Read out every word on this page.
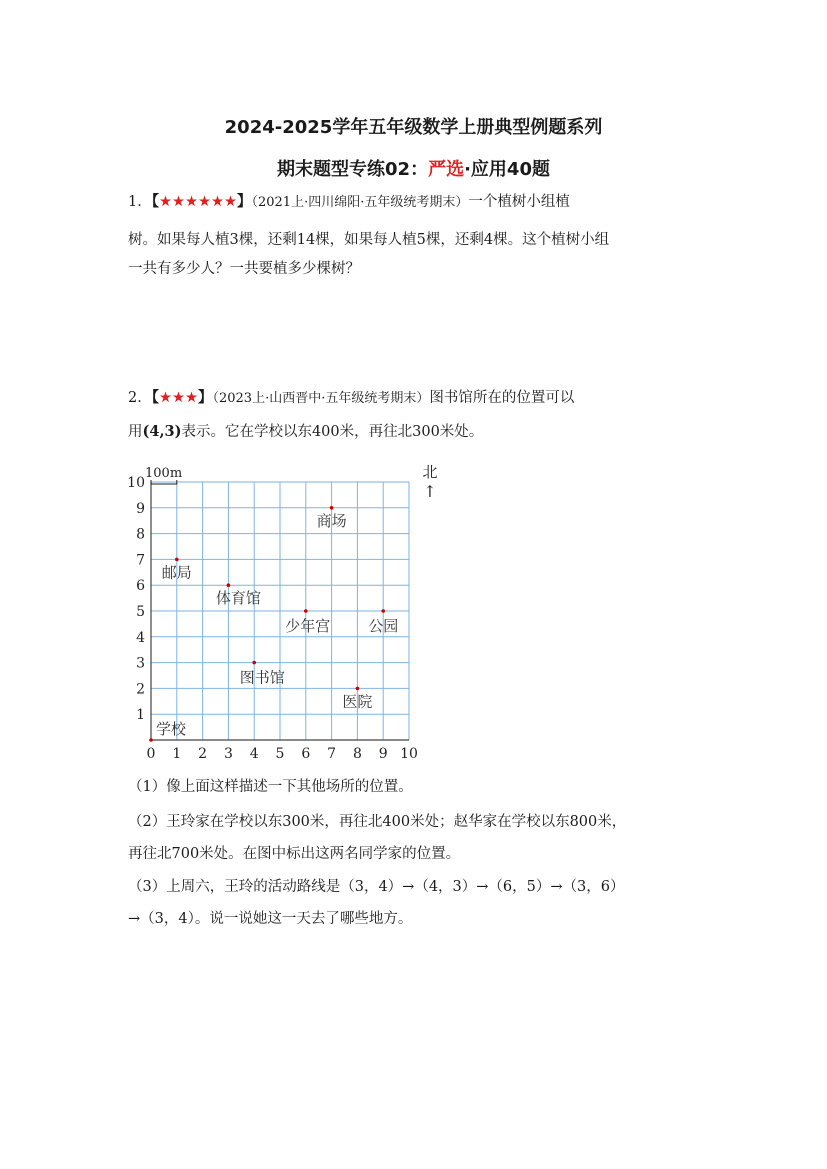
2024-2025学年五年级数学上册典型例题系列
期末题型专练02：严选·应用40题

1．【★★★★★★】（2021上·四川绵阳·五年级统考期末）一个植树小组植

树。如果每人植3棵，还剩14棵，如果每人植5棵，还剩4棵。这个植树小组

一共有多少人？一共要植多少棵树？

2．【★★★】（2023上·山西晋中·五年级统考期末）图书馆所在的位置可以

用(4,3)表示。它在学校以东400米，再往北300米处。

0 1 2 3 4 5 6 7 8 9 10
1
2
3
4
5
6
7
8
9
10
100m	北
↑
商场
邮局
体育馆
少年宫	公园
图书馆
医院
学校

（1）像上面这样描述一下其他场所的位置。

（2）王玲家在学校以东300米，再往北400米处；赵华家在学校以东800米，

再往北700米处。在图中标出这两名同学家的位置。

（3）上周六，王玲的活动路线是（3，4）→（4，3）→（6，5）→（3，6）

→（3，4）。说一说她这一天去了哪些地方。
